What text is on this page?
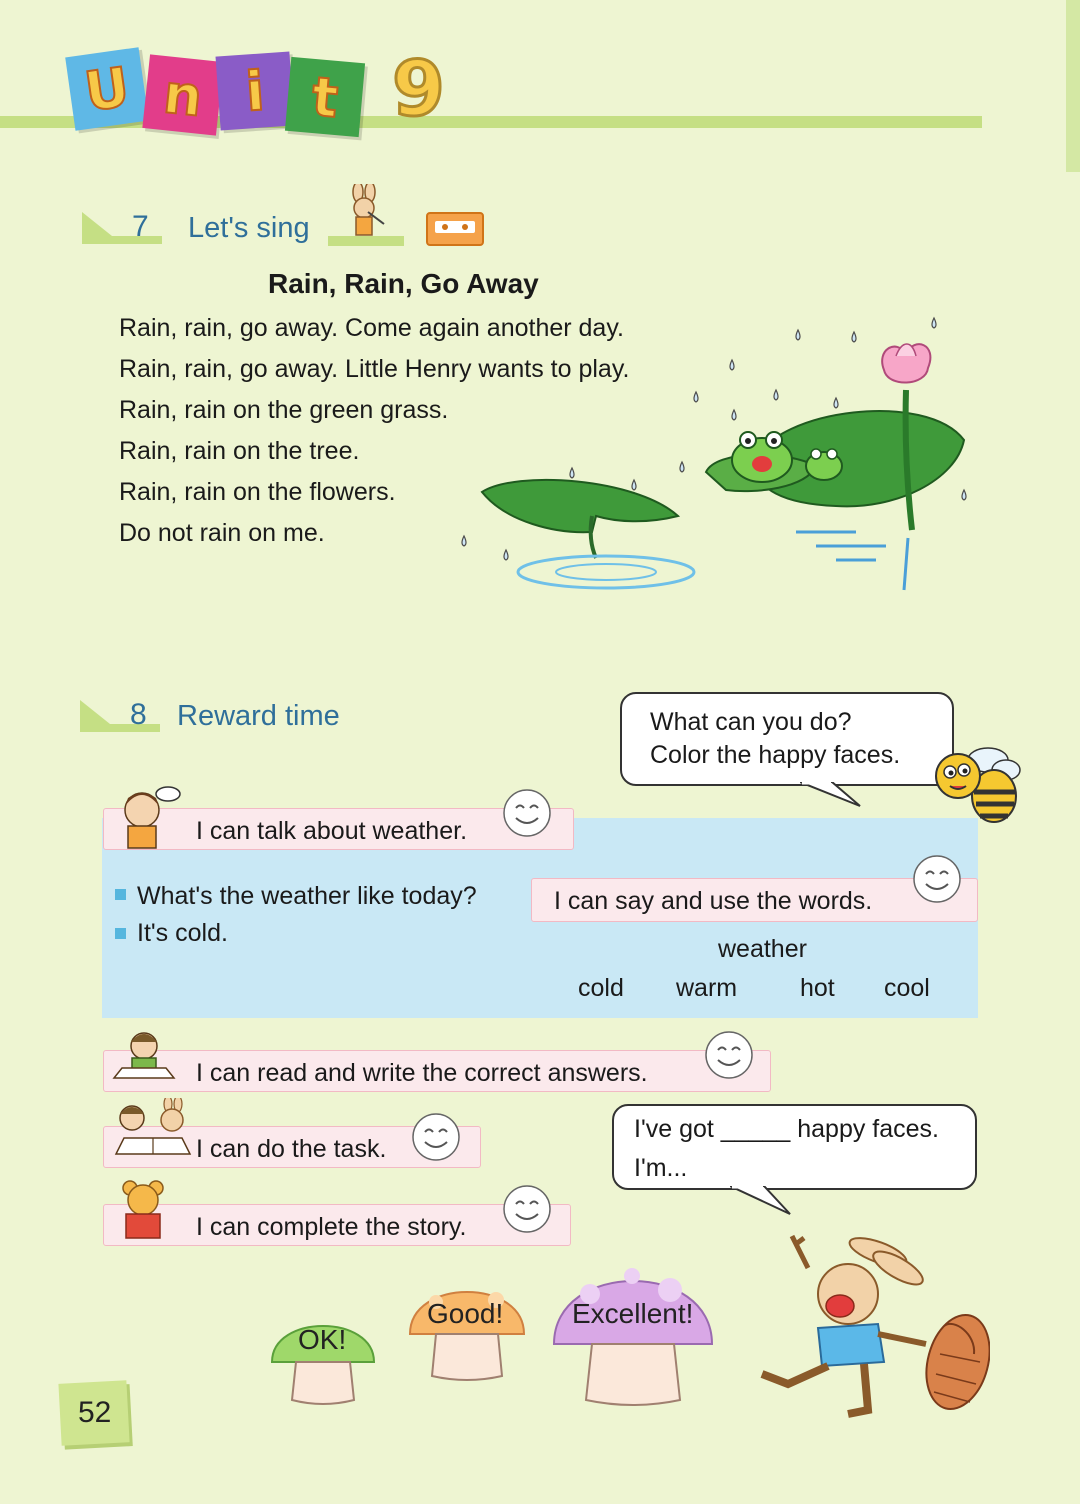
U n i t 9
7 Let's sing
Rain, Rain, Go Away
Rain, rain, go away. Come again another day.
Rain, rain, go away. Little Henry wants to play.
Rain, rain on the green grass.
Rain, rain on the tree.
Rain, rain on the flowers.
Do not rain on me.
8 Reward time	What can you do?
Color the happy faces.
I can talk about weather.
What's the weather like today?
It's cold.
I can say and use the words.
weather
cold warm	hot cool
I can read and write the correct answers.
I can do the task.
I can complete the story.
I've got _____ happy faces.
I'm...
OK!
Good! Excellent!
52
